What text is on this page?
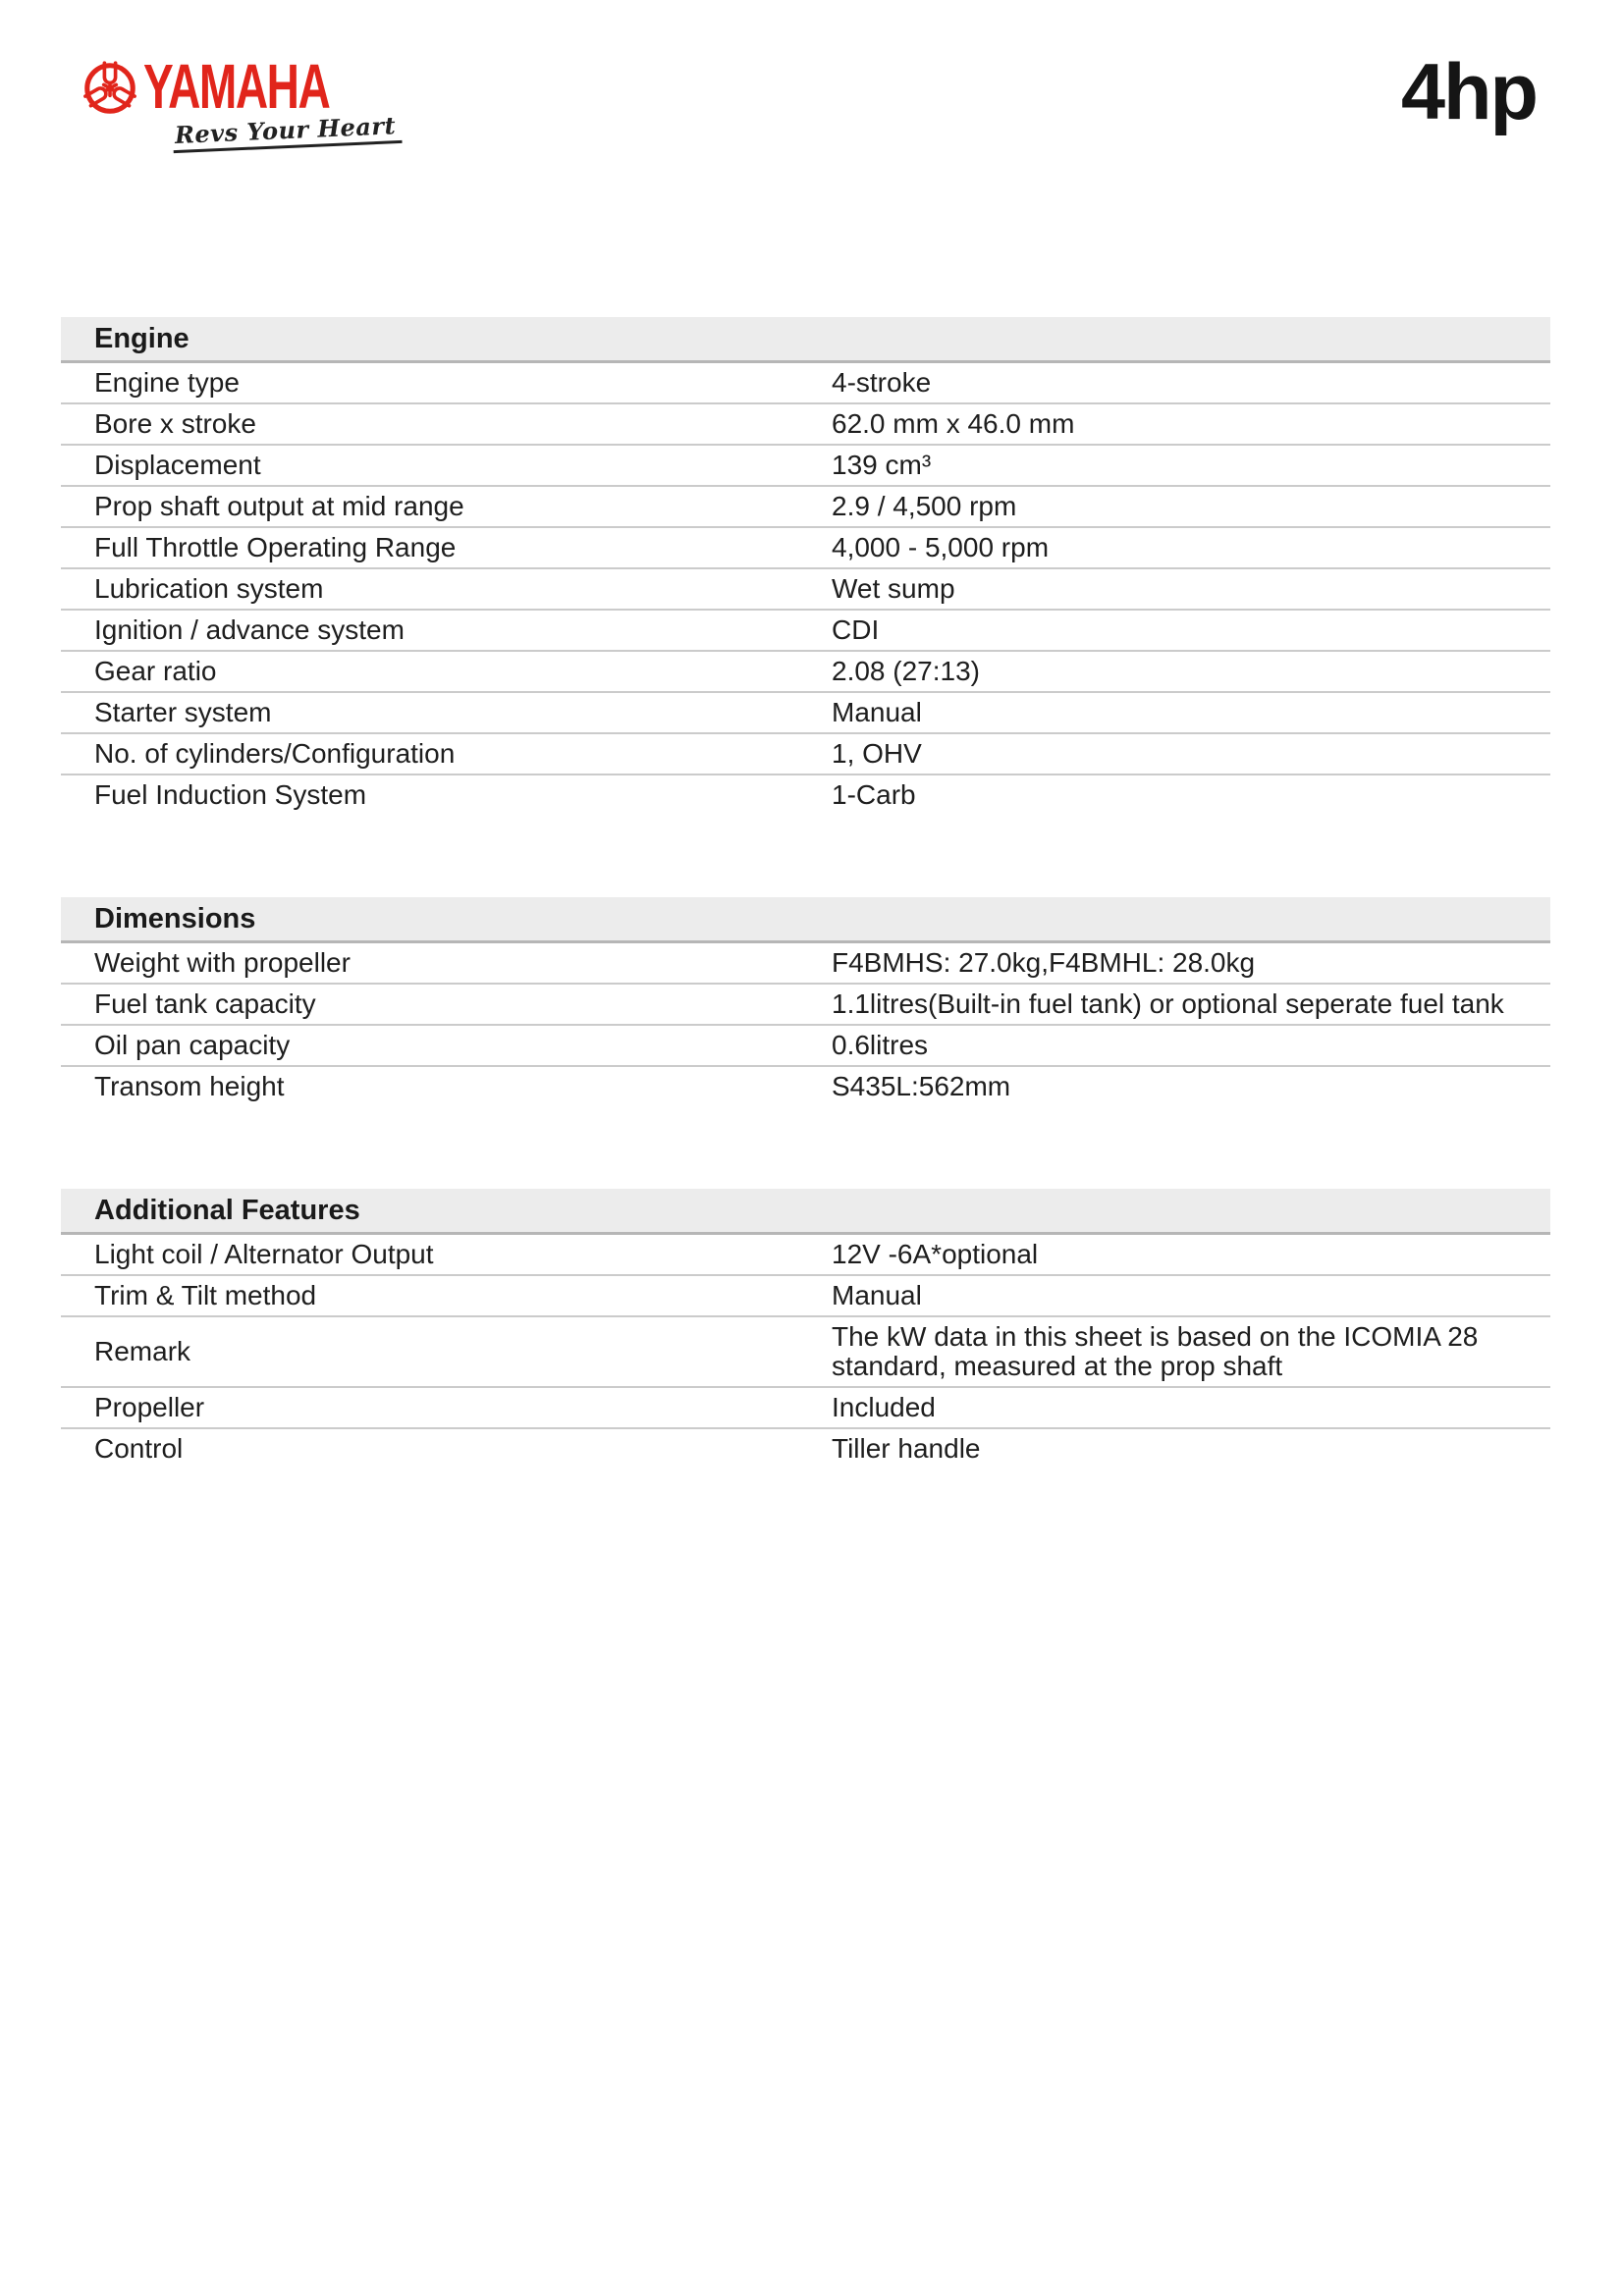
YAMAHA
Revs Your Heart	4hp
Engine
Engine type	4-stroke
Bore x stroke	62.0 mm x 46.0 mm
Displacement	139 cm³
Prop shaft output at mid range	2.9 / 4,500 rpm
Full Throttle Operating Range	4,000 - 5,000 rpm
Lubrication system	Wet sump
Ignition / advance system	CDI
Gear ratio	2.08 (27:13)
Starter system	Manual
No. of cylinders/Configuration	1, OHV
Fuel Induction System	1-Carb
Dimensions
Weight with propeller	F4BMHS: 27.0kg,F4BMHL: 28.0kg
Fuel tank capacity	1.1litres(Built-in fuel tank) or optional seperate fuel tank
Oil pan capacity	0.6litres
Transom height	S435L:562mm
Additional Features
Light coil / Alternator Output	12V -6A*optional
Trim & Tilt method	Manual
Remark	The kW data in this sheet is based on the ICOMIA 28 standard, measured at the prop shaft
Propeller	Included
Control	Tiller handle
